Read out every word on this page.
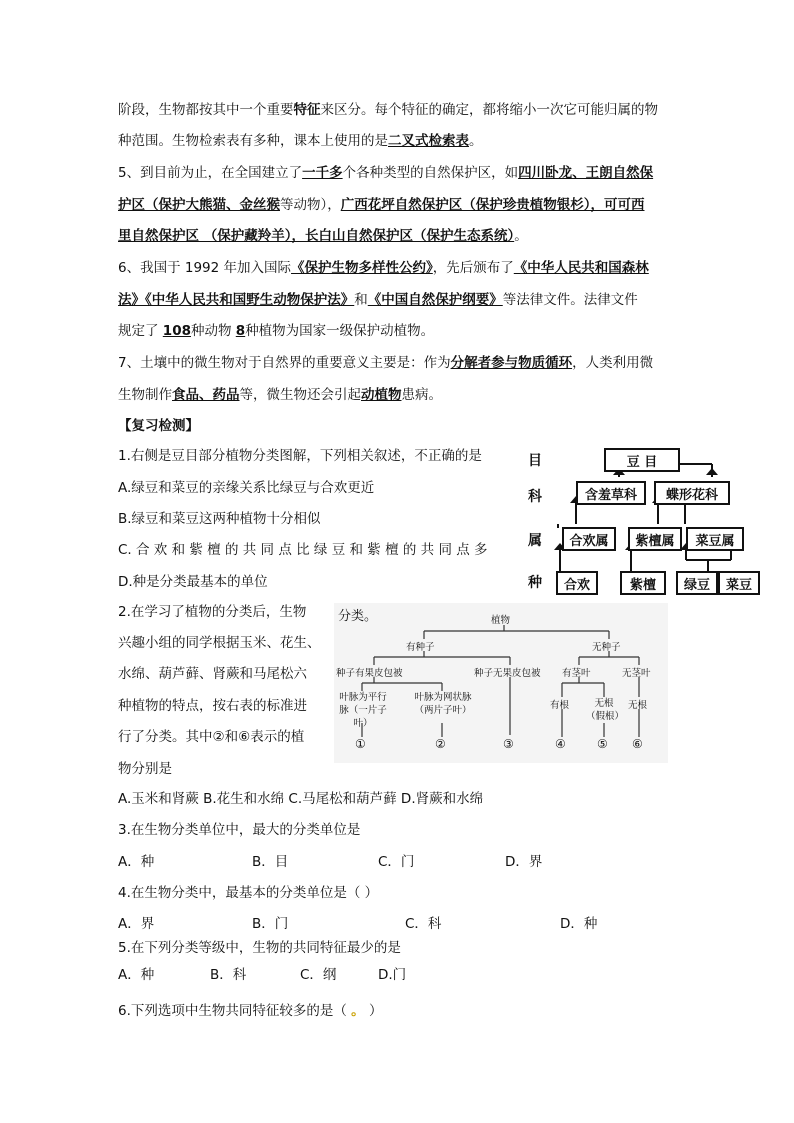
阶段，生物都按其中一个重要特征来区分。每个特征的确定，都将缩小一次它可能归属的物
种范围。生物检索表有多种，课本上使用的是二叉式检索表。
5、到目前为止，在全国建立了一千多个各种类型的自然保护区，如四川卧龙、王朗自然保
护区（保护大熊猫、金丝猴等动物），广西花坪自然保护区（保护珍贵植物银杉），可可西
里自然保护区 （保护藏羚羊），长白山自然保护区（保护生态系统）。
6、我国于 1992 年加入国际《保护生物多样性公约》，先后颁布了《中华人民共和国森林
法》《中华人民共和国野生动物保护法》和《中国自然保护纲要》等法律文件。法律文件
规定了 108种动物 8种植物为国家一级保护动植物。
7、土壤中的微生物对于自然界的重要意义主要是：作为分解者参与物质循环，人类利用微
生物制作食品、药品等，微生物还会引起动植物患病。
【复习检测】
1.右侧是豆目部分植物分类图解，下列相关叙述，不正确的是
A.绿豆和菜豆的亲缘关系比绿豆与合欢更近
B.绿豆和菜豆这两种植物十分相似
C. 合 欢 和 紫 檀 的 共 同 点 比 绿 豆 和 紫 檀 的 共 同 点 多
D.种是分类最基本的单位
目
科
属
种
豆 目
含羞草科	蝶形花科
合欢属	紫檀属	菜豆属
合欢	紫檀	绿豆	菜豆
2.在学习了植物的分类后，生物
兴趣小组的同学根据玉米、花生、
水绵、葫芦藓、肾蕨和马尾松六
种植物的特点，按右表的标准进
行了分类。其中②和⑥表示的植
物分别是
分类。	植物
有种子	无种子
种子有果皮包被	种子无果皮包被 有茎叶	无茎叶
叶脉为平行脉（一片子叶）
叶脉为网状脉（两片子叶）	有根	无根（假根）
无根
①	②	③	④	⑤ ⑥
A.玉米和肾蕨 B.花生和水绵 C.马尾松和葫芦藓 D.肾蕨和水绵
3.在生物分类单位中，最大的分类单位是
A．种	B．目	C．门	D．界
4.在生物分类中，最基本的分类单位是（ ）
A．界	B．门	C．科	D．种
5.在下列分类等级中，生物的共同特征最少的是
A．种	B．科	C．纲	D.门
6.下列选项中生物共同特征较多的是（ 。 ）
